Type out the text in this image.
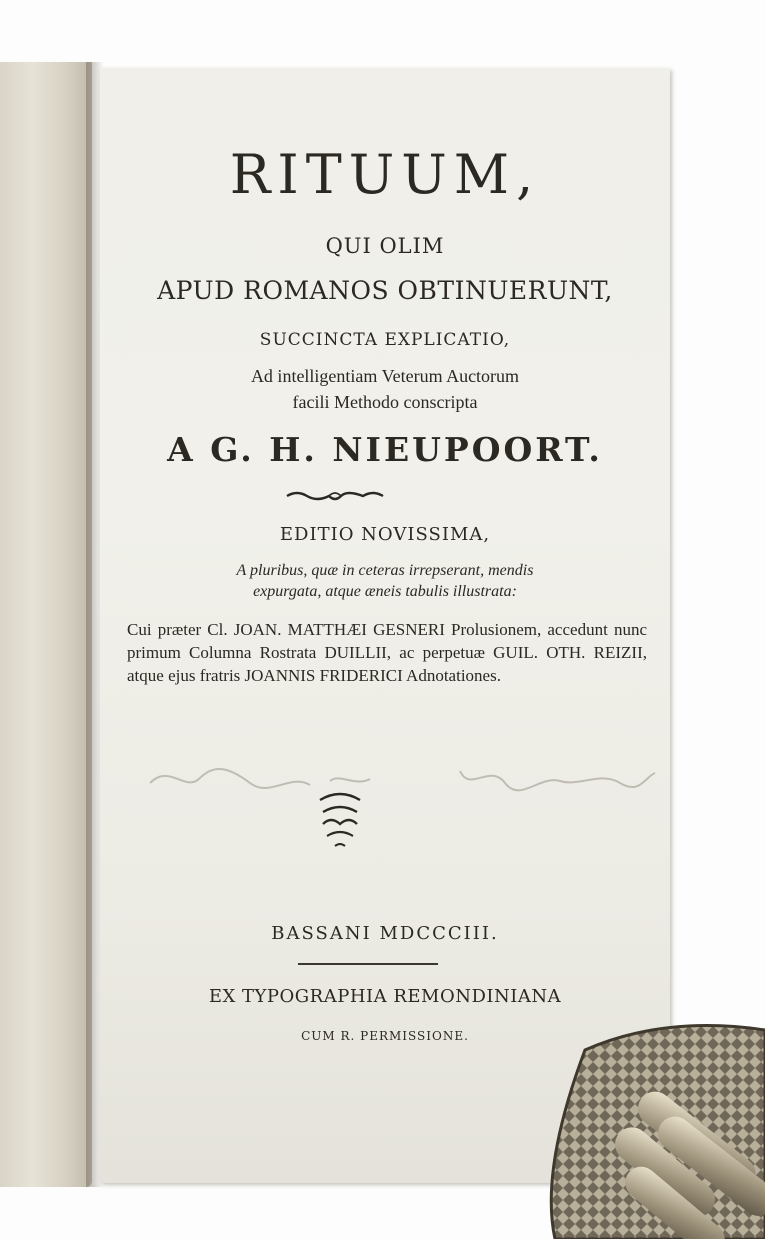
RITUUM,

QUI OLIM

APUD ROMANOS OBTINUERUNT,

SUCCINCTA EXPLICATIO,

Ad intelligentiam Veterum Auctorum

facili Methodo conscripta

A G. H. NIEUPOORT.

EDITIO NOVISSIMA,

A pluribus, quæ in ceteras irrepserant, mendis

expurgata, atque æneis tabulis illustrata:

Cui præter Cl. JOAN. MATTHÆI GESNERI Prolusionem, accedunt nunc primum Columna Rostrata DUILLII, ac perpetuæ GUIL. OTH. REIZII, atque ejus fratris JOANNIS FRIDERICI Adnotationes.

BASSANI MDCCCIII.

EX TYPOGRAPHIA REMONDINIANA

CUM R. PERMISSIONE.
